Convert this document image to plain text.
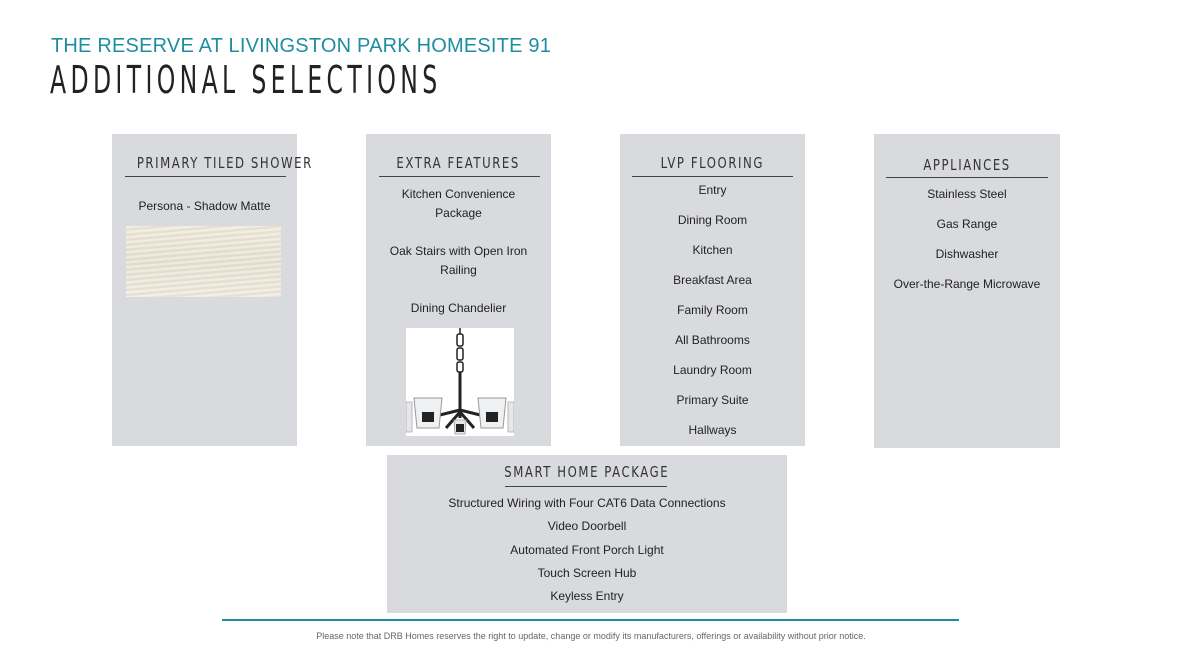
THE RESERVE AT LIVINGSTON PARK HOMESITE 91
ADDITIONAL SELECTIONS
PRIMARY TILED SHOWER
Persona - Shadow Matte
EXTRA FEATURES
Kitchen Convenience
Package
Oak Stairs with Open Iron
Railing
Dining Chandelier
LVP FLOORING
Entry
Dining Room
Kitchen
Breakfast Area
Family Room
All Bathrooms
Laundry Room
Primary Suite
Hallways
APPLIANCES
Stainless Steel
Gas Range
Dishwasher
Over-the-Range Microwave
SMART HOME PACKAGE
Structured Wiring with Four CAT6 Data Connections
Video Doorbell
Automated Front Porch Light
Touch Screen Hub
Keyless Entry
Please note that DRB Homes reserves the right to update, change or modify its manufacturers, offerings or availability without prior notice.
